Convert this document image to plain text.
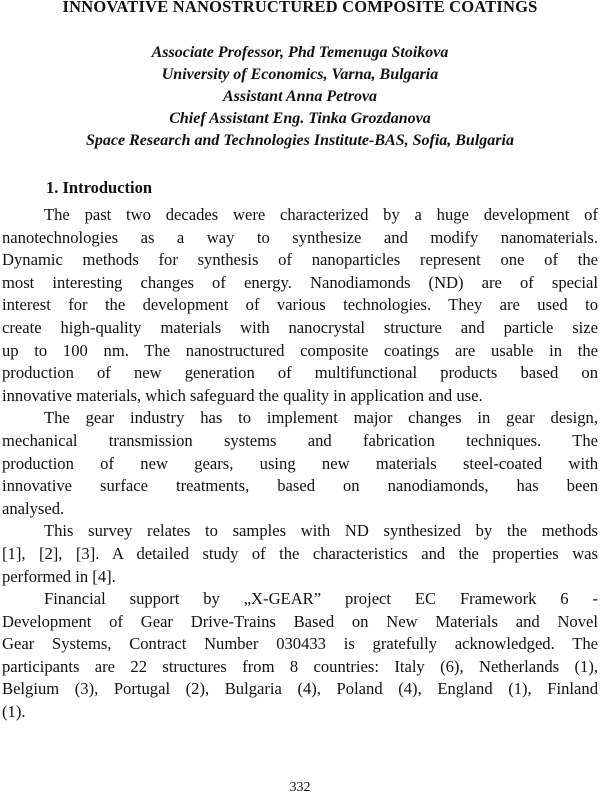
INNOVATIVE NANOSTRUCTURED COMPOSITE COATINGS
Associate Professor, Phd Temenuga Stoikova
University of Economics, Varna, Bulgaria
Assistant Anna Petrova
Chief Assistant Eng. Tinka Grozdanova
Space Research and Technologies Institute-BAS, Sofia, Bulgaria
1. Introduction
The past two decades were characterized by a huge development of
nanotechnologies as a way to synthesize and modify nanomaterials.
Dynamic methods for synthesis of nanoparticles represent one of the
most interesting changes of energy. Nanodiamonds (ND) are of special
interest for the development of various technologies. They are used to
create high-quality materials with nanocrystal structure and particle size
up to 100 nm. The nanostructured composite coatings are usable in the
production of new generation of multifunctional products based on
innovative materials, which safeguard the quality in application and use.
The gear industry has to implement major changes in gear design,
mechanical transmission systems and fabrication techniques. The
production of new gears, using new materials steel-coated with
innovative surface treatments, based on nanodiamonds, has been
analysed.
This survey relates to samples with ND synthesized by the methods
[1], [2], [3]. A detailed study of the characteristics and the properties was
performed in [4].
Financial support by „X-GEAR” project EC Framework 6 -
Development of Gear Drive-Trains Based on New Materials and Novel
Gear Systems, Contract Number 030433 is gratefully acknowledged. The
participants are 22 structures from 8 countries: Italy (6), Netherlands (1),
Belgium (3), Portugal (2), Bulgaria (4), Poland (4), England (1), Finland
(1).
332
